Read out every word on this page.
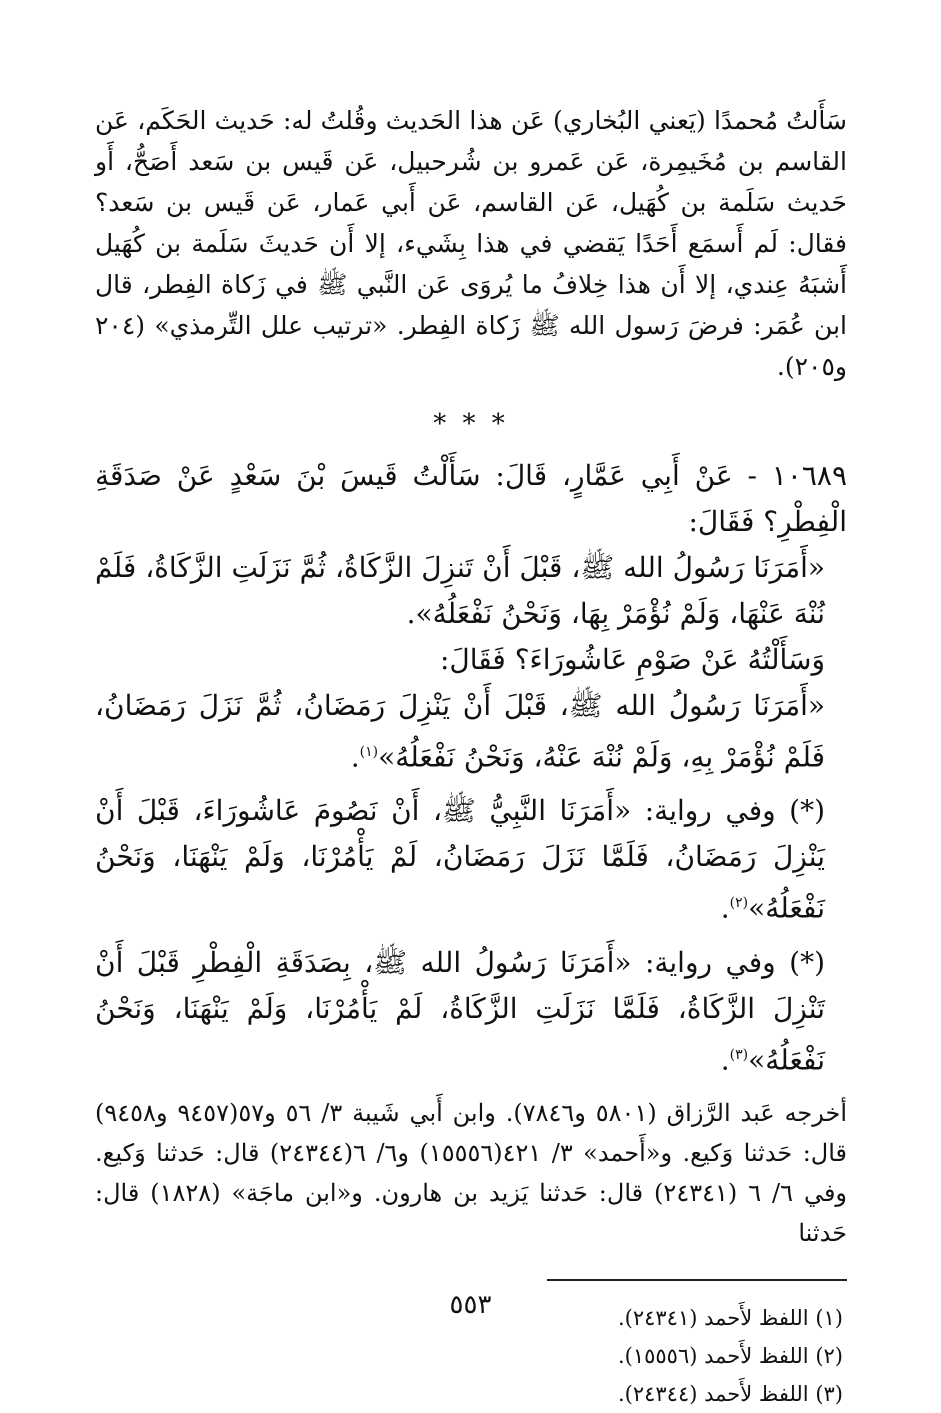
سَأَلتُ مُحمدًا (يَعني البُخاري) عَن هذا الحَديث وقُلتُ له: حَديث الحَكَم، عَن القاسم بن مُخَيمِرة، عَن عَمرو بن شُرحبيل، عَن قَيس بن سَعد أَصَحُّ، أَو حَديث سَلَمة بن كُهَيل، عَن القاسم، عَن أَبي عَمار، عَن قَيس بن سَعد؟ فقال: لَم أَسمَع أَحَدًا يَقضي في هذا بِشَيء، إلا أَن حَديثَ سَلَمة بن كُهَيل أَشبَهُ عِندي، إلا أَن هذا خِلافُ ما يُروَى عَن النَّبي ﷺ في زَكاة الفِطر، قال ابن عُمَر: فرضَ رَسول الله ﷺ زَكاة الفِطر. «ترتيب علل التِّرمذي» (٢٠٤ و٢٠٥).

* * *
١٠٦٨٩ - عَنْ أَبِي عَمَّارٍ، قَالَ: سَأَلْتُ قَيسَ بْنَ سَعْدٍ عَنْ صَدَقَةِ الْفِطْرِ؟ فَقَالَ:
«أَمَرَنَا رَسُولُ الله ﷺ، قَبْلَ أَنْ تَنزِلَ الزَّكَاةُ، ثُمَّ نَزَلَتِ الزَّكَاةُ، فَلَمْ نُنْهَ عَنْهَا، وَلَمْ نُؤْمَرْ بِهَا، وَنَحْنُ نَفْعَلُهُ».
وَسَأَلْتُهُ عَنْ صَوْمِ عَاشُورَاءَ؟ فَقَالَ:
«أَمَرَنَا رَسُولُ الله ﷺ، قَبْلَ أَنْ يَنْزِلَ رَمَضَانُ، ثُمَّ نَزَلَ رَمَضَانُ، فَلَمْ نُؤْمَرْ بِهِ، وَلَمْ نُنْهَ عَنْهُ، وَنَحْنُ نَفْعَلُهُ»$^{(١)}$.
(*) وفي رواية: «أَمَرَنَا النَّبِيُّ ﷺ، أَنْ نَصُومَ عَاشُورَاءَ، قَبْلَ أَنْ يَنْزِلَ رَمَضَانُ، فَلَمَّا نَزَلَ رَمَضَانُ، لَمْ يَأْمُرْنَا، وَلَمْ يَنْهَنَا، وَنَحْنُ نَفْعَلُهُ»$^{(٢)}$.
(*) وفي رواية: «أَمَرَنَا رَسُولُ الله ﷺ، بِصَدَقَةِ الْفِطْرِ قَبْلَ أَنْ تَنْزِلَ الزَّكَاةُ، فَلَمَّا نَزَلَتِ الزَّكَاةُ، لَمْ يَأْمُرْنَا، وَلَمْ يَنْهَنَا، وَنَحْنُ نَفْعَلُهُ»$^{(٣)}$.

أخرجه عَبد الرَّزاق (٥٨٠١ و٧٨٤٦). وابن أَبي شَيبة ٣/ ٥٦ و٥٧(٩٤٥٧ و٩٤٥٨) قال: حَدثنا وَكيع. و«أَحمد» ٣/ ٤٢١(١٥٥٥٦) و٦/ ٦(٢٤٣٤٤) قال: حَدثنا وَكيع. وفي ٦/ ٦ (٢٤٣٤١) قال: حَدثنا يَزيد بن هارون. و«ابن ماجَة» (١٨٢٨) قال: حَدثنا

(١) اللفظ لأَحمد (٢٤٣٤١).

(٢) اللفظ لأَحمد (١٥٥٥٦).

(٣) اللفظ لأَحمد (٢٤٣٤٤).

٥٥٣
